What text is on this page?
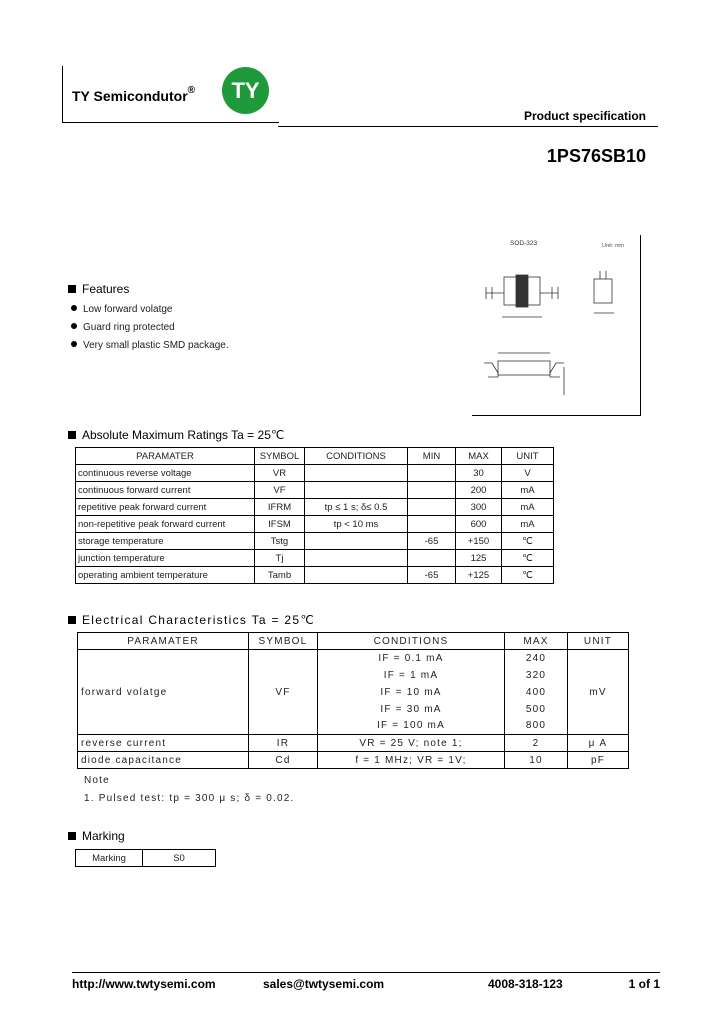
TY Semicondutor®	TY
Product specification
1PS76SB10
SOD-323	Unit: mm
Features
Low forward volatge
Guard ring protected
Very small plastic SMD package.
Absolute Maximum Ratings Ta = 25℃
PARAMATER	SYMBOL	CONDITIONS	MIN	MAX	UNIT
continuous reverse voltage	VR			30	V
continuous forward current	VF			200	mA
repetitive peak forward current	IFRM	tp ≤ 1 s; δ≤ 0.5		300	mA
non-repetitive peak forward current	IFSM	tp < 10 ms		600	mA
storage temperature	Tstg		-65	+150	℃
junction temperature	Tj			125	℃
operating ambient temperature	Tamb		-65	+125	℃
Electrical Characteristics Ta = 25℃
PARAMATER	SYMBOL	CONDITIONS	MAX	UNIT
forward volatge	VF	IF = 0.1 mA	240	mV
		IF = 1 mA	320	
		IF = 10 mA	400	
		IF = 30 mA	500	
		IF = 100 mA	800	
reverse current	IR	VR = 25 V; note 1;	2	μ A
diode capacitance	Cd	f = 1 MHz; VR = 1V;	10	pF
Note
1. Pulsed test: tp = 300 μ s; δ = 0.02.
Marking
Marking	S0
http://www.twtysemi.com	sales@twtysemi.com	4008-318-123	1 of 1
